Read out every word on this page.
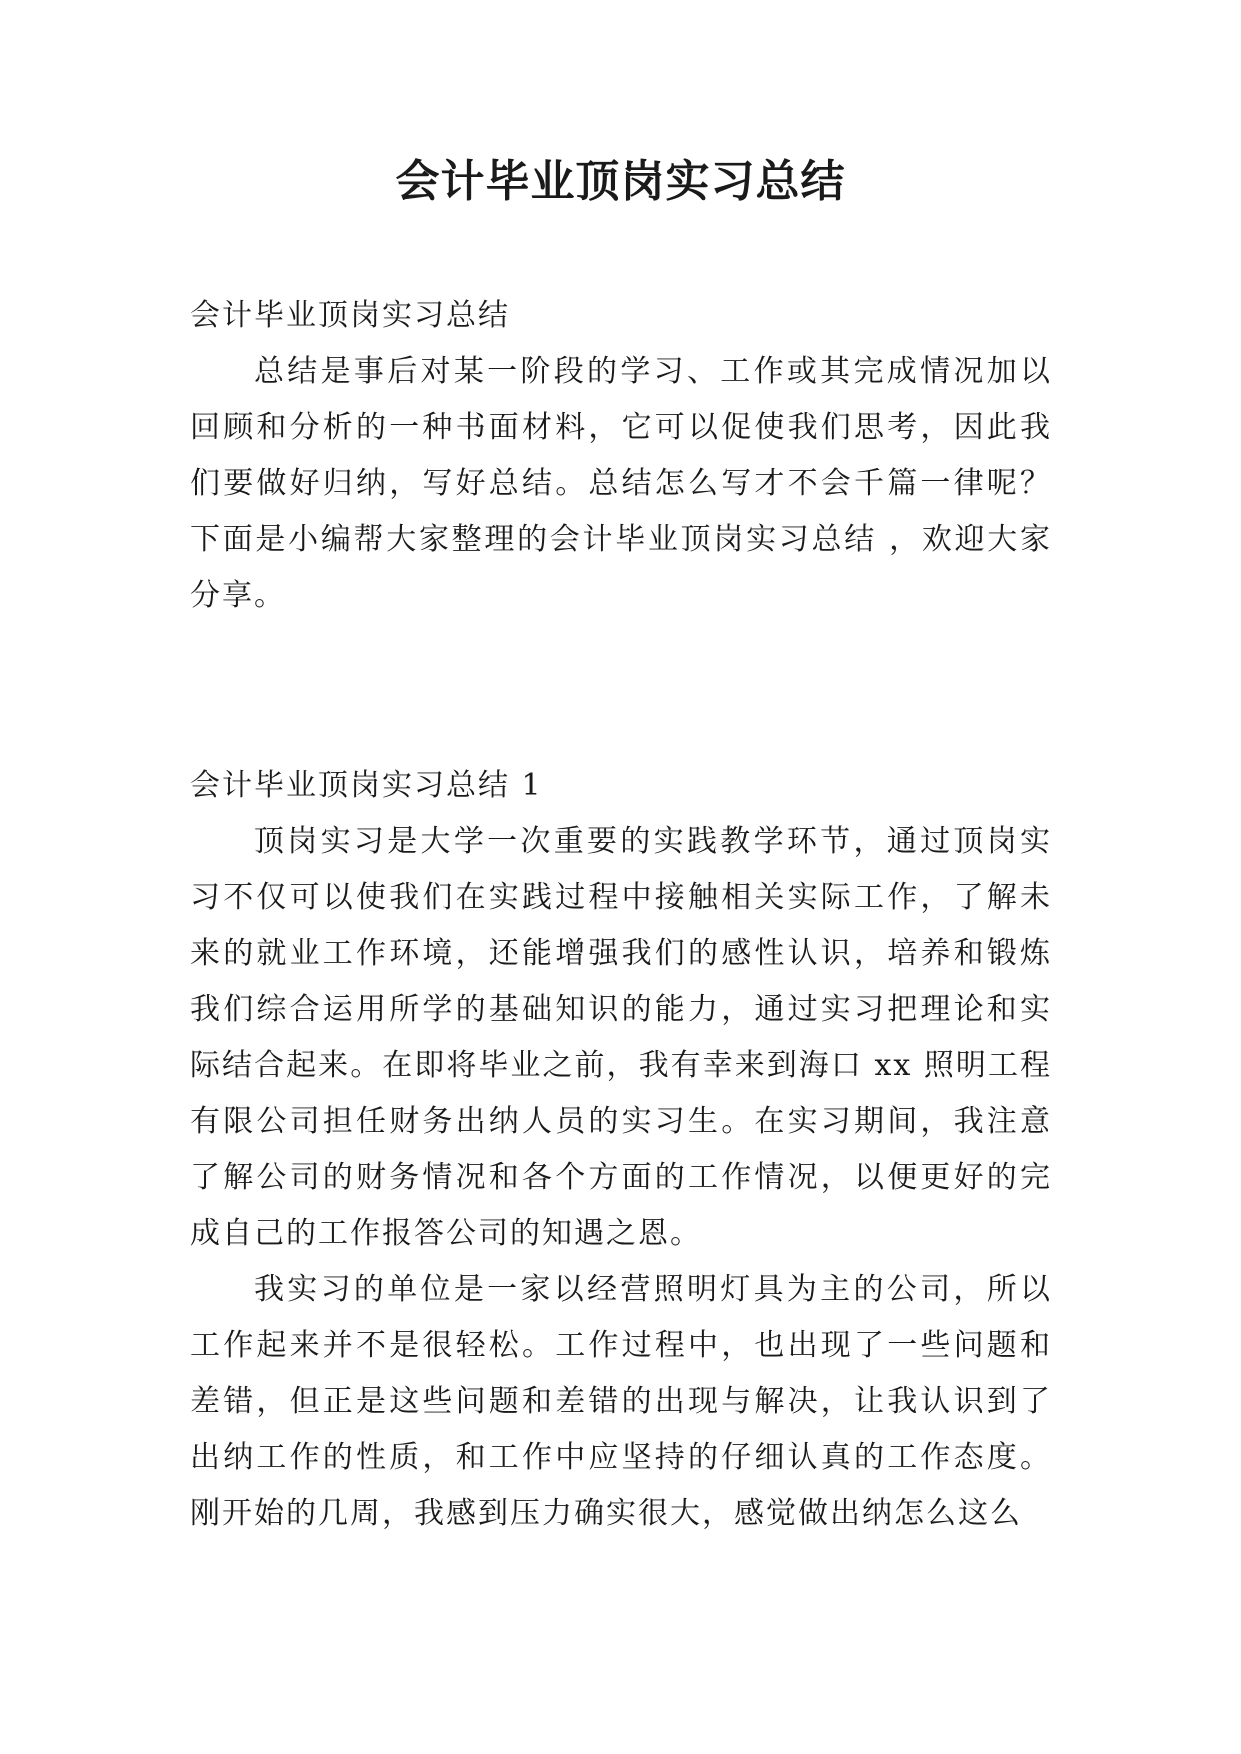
会计毕业顶岗实习总结

会计毕业顶岗实习总结

总结是事后对某一阶段的学习、工作或其完成情况加以回顾和分析的一种书面材料，它可以促使我们思考，因此我们要做好归纳，写好总结。总结怎么写才不会千篇一律呢？下面是小编帮大家整理的会计毕业顶岗实习总结 ，欢迎大家分享。

会计毕业顶岗实习总结 1

顶岗实习是大学一次重要的实践教学环节，通过顶岗实习不仅可以使我们在实践过程中接触相关实际工作，了解未来的就业工作环境，还能增强我们的感性认识，培养和锻炼我们综合运用所学的基础知识的能力，通过实习把理论和实际结合起来。在即将毕业之前，我有幸来到海口 xx 照明工程有限公司担任财务出纳人员的实习生。在实习期间，我注意了解公司的财务情况和各个方面的工作情况，以便更好的完成自己的工作报答公司的知遇之恩。

我实习的单位是一家以经营照明灯具为主的公司，所以工作起来并不是很轻松。工作过程中，也出现了一些问题和差错，但正是这些问题和差错的出现与解决，让我认识到了出纳工作的性质，和工作中应坚持的仔细认真的工作态度。刚开始的几周，我感到压力确实很大，感觉做出纳怎么这么
